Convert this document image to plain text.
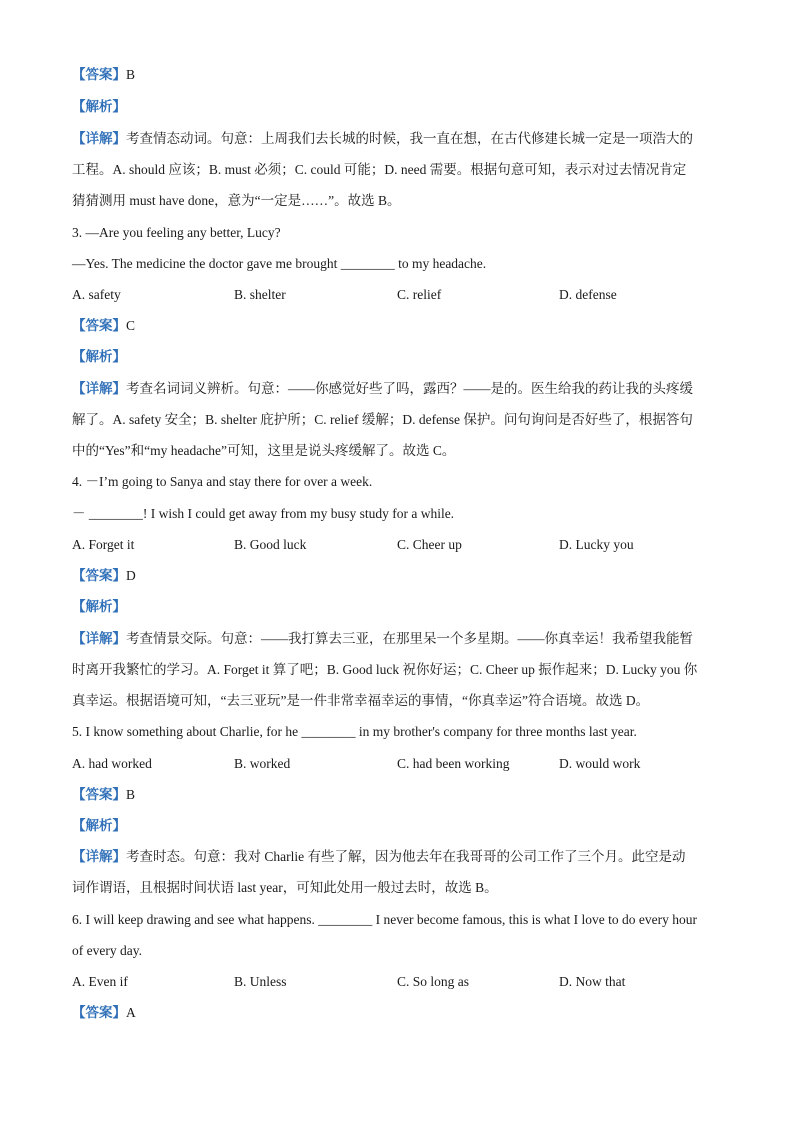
【答案】B
【解析】
【详解】考查情态动词。句意：上周我们去长城的时候，我一直在想，在古代修建长城一定是一项浩大的
工程。A. should 应该；B. must 必须；C. could 可能；D. need 需要。根据句意可知，表示对过去情况肯定
猜猜测用 must have done，意为“一定是……”。故选 B。
3. —Are you feeling any better, Lucy?
—Yes. The medicine the doctor gave me brought ________ to my headache.
A. safety	B. shelter	C. relief	D. defense
【答案】C
【解析】
【详解】考查名词词义辨析。句意：——你感觉好些了吗，露西？——是的。医生给我的药让我的头疼缓
解了。A. safety 安全；B. shelter 庇护所；C. relief 缓解；D. defense 保护。问句询问是否好些了，根据答句
中的“Yes”和“my headache”可知，这里是说头疼缓解了。故选 C。
4. －I’m going to Sanya and stay there for over a week.
－ ________! I wish I could get away from my busy study for a while.
A. Forget it	B. Good luck	C. Cheer up	D. Lucky you
【答案】D
【解析】
【详解】考查情景交际。句意：——我打算去三亚，在那里呆一个多星期。——你真幸运！我希望我能暂
时离开我繁忙的学习。A. Forget it 算了吧；B. Good luck 祝你好运；C. Cheer up 振作起来；D. Lucky you 你
真幸运。根据语境可知，“去三亚玩”是一件非常幸福幸运的事情，“你真幸运”符合语境。故选 D。
5. I know something about Charlie, for he ________ in my brother's company for three months last year.
A. had worked	B. worked	C. had been working	D. would work
【答案】B
【解析】
【详解】考查时态。句意：我对 Charlie 有些了解，因为他去年在我哥哥的公司工作了三个月。此空是动
词作谓语，且根据时间状语 last year，可知此处用一般过去时，故选 B。
6. I will keep drawing and see what happens. ________ I never become famous, this is what I love to do every hour
of every day.
A. Even if	B. Unless	C. So long as	D. Now that
【答案】A
